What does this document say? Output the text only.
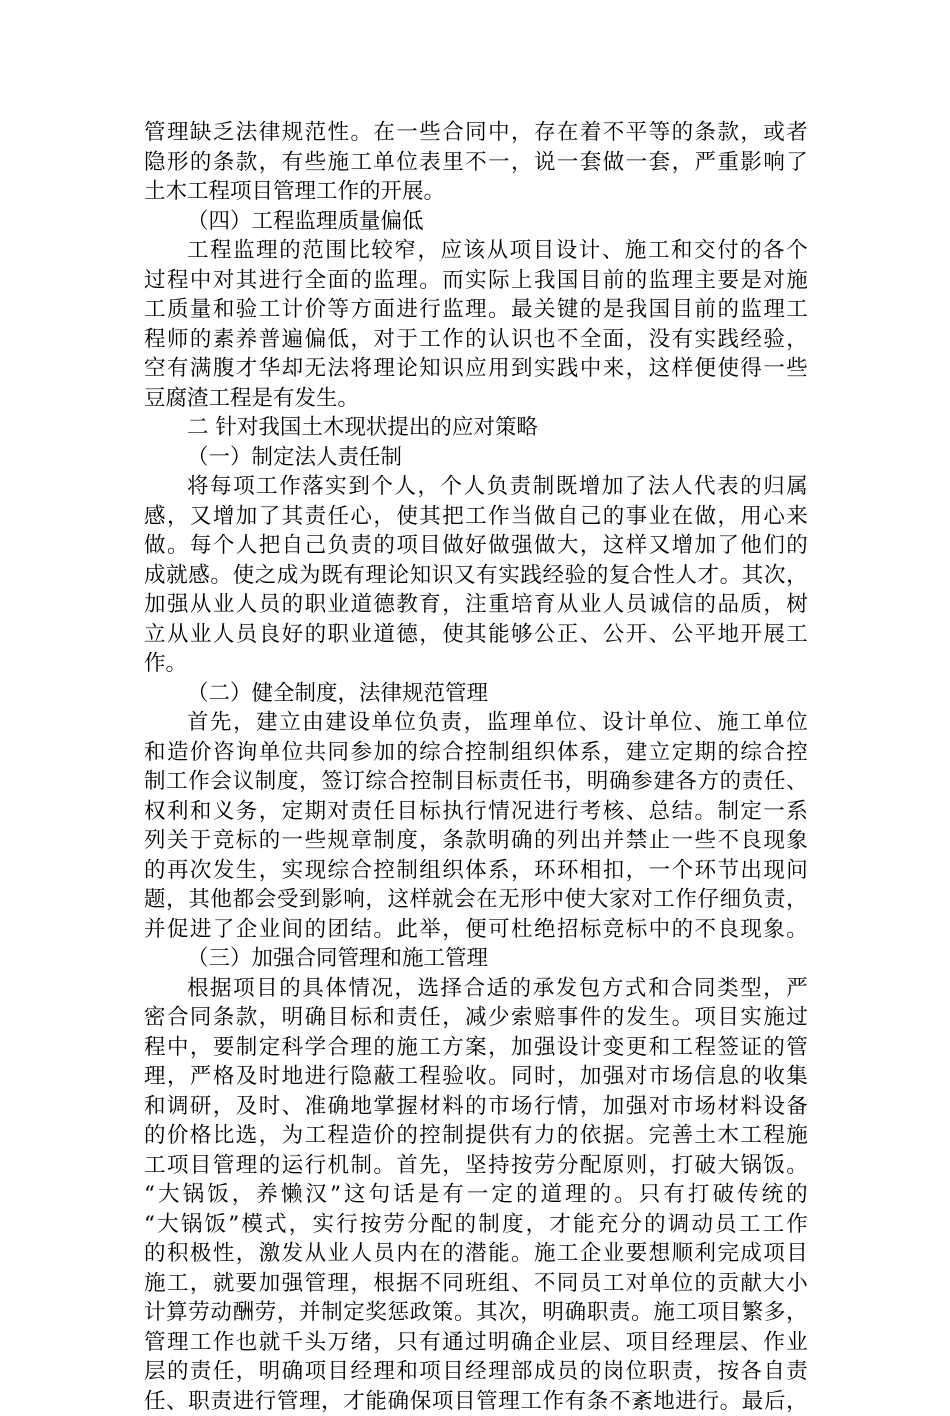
管 理 缺 乏 法 律 规 范 性 。 在 一 些 合 同 中 ， 存 在 着 不 平 等 的 条 款 ， 或 者
隐 形 的 条 款 ， 有 些 施 工 单 位 表 里 不 一 ， 说 一 套 做 一 套 ， 严 重 影 响 了
土木工程项目管理工作的开展。
（四）工程监理质量偏低
工 程 监 理 的 范 围 比 较 窄 ， 应 该 从 项 目 设 计 、 施 工 和 交 付 的 各 个
过 程 中 对 其 进 行 全 面 的 监 理 。 而 实 际 上 我 国 目 前 的 监 理 主 要 是 对 施
工 质 量 和 验 工 计 价 等 方 面 进 行 监 理 。 最 关 键 的 是 我 国 目 前 的 监 理 工
程 师 的 素 养 普 遍 偏 低 ， 对 于 工 作 的 认 识 也 不 全 面 ， 没 有 实 践 经 验 ，
空 有 满 腹 才 华 却 无 法 将 理 论 知 识 应 用 到 实 践 中 来 ， 这 样 便 使 得 一 些
豆腐渣工程是有发生。
二 针对我国土木现状提出的应对策略
（一）制定法人责任制
将 每 项 工 作 落 实 到 个 人 ， 个 人 负 责 制 既 增 加 了 法 人 代 表 的 归 属
感 ， 又 增 加 了 其 责 任 心 ， 使 其 把 工 作 当 做 自 己 的 事 业 在 做 ， 用 心 来
做 。 每 个 人 把 自 己 负 责 的 项 目 做 好 做 强 做 大 ， 这 样 又 增 加 了 他 们 的
成 就 感 。 使 之 成 为 既 有 理 论 知 识 又 有 实 践 经 验 的 复 合 性 人 才 。 其 次 ，
加 强 从 业 人 员 的 职 业 道 德 教 育 ， 注 重 培 育 从 业 人 员 诚 信 的 品 质 ， 树
立 从 业 人 员 良 好 的 职 业 道 德 ， 使 其 能 够 公 正 、 公 开 、 公 平 地 开 展 工
作。
（二）健全制度，法律规范管理
首 先 ， 建 立 由 建 设 单 位 负 责 ， 监 理 单 位 、 设 计 单 位 、 施 工 单 位
和 造 价 咨 询 单 位 共 同 参 加 的 综 合 控 制 组 织 体 系 ， 建 立 定 期 的 综 合 控
制 工 作 会 议 制 度 ， 签 订 综 合 控 制 目 标 责 任 书 ， 明 确 参 建 各 方 的 责 任 、
权 利 和 义 务 ， 定 期 对 责 任 目 标 执 行 情 况 进 行 考 核 、 总 结 。 制 定 一 系
列 关 于 竞 标 的 一 些 规 章 制 度 ， 条 款 明 确 的 列 出 并 禁 止 一 些 不 良 现 象
的 再 次 发 生 ， 实 现 综 合 控 制 组 织 体 系 ， 环 环 相 扣 ， 一 个 环 节 出 现 问
题 ， 其 他 都 会 受 到 影 响 ， 这 样 就 会 在 无 形 中 使 大 家 对 工 作 仔 细 负 责 ，
并 促 进 了 企 业 间 的 团 结 。 此 举 ， 便 可 杜 绝 招 标 竞 标 中 的 不 良 现 象 。
（三）加强合同管理和施工管理
根 据 项 目 的 具 体 情 况 ， 选 择 合 适 的 承 发 包 方 式 和 合 同 类 型 ， 严
密 合 同 条 款 ， 明 确 目 标 和 责 任 ， 减 少 索 赔 事 件 的 发 生 。 项 目 实 施 过
程 中 ， 要 制 定 科 学 合 理 的 施 工 方 案 ， 加 强 设 计 变 更 和 工 程 签 证 的 管
理 ， 严 格 及 时 地 进 行 隐 蔽 工 程 验 收 。 同 时 ， 加 强 对 市 场 信 息 的 收 集
和 调 研 ， 及 时 、 准 确 地 掌 握 材 料 的 市 场 行 情 ， 加 强 对 市 场 材 料 设 备
的 价 格 比 选 ， 为 工 程 造 价 的 控 制 提 供 有 力 的 依 据 。 完 善 土 木 工 程 施
工 项 目 管 理 的 运 行 机 制 。 首 先 ， 坚 持 按 劳 分 配 原 则 ， 打 破 大 锅 饭 。
“ 大 锅 饭 ， 养 懒 汉 ” 这 句 话 是 有 一 定 的 道 理 的 。 只 有 打 破 传 统 的
“ 大 锅 饭 ” 模 式 ， 实 行 按 劳 分 配 的 制 度 ， 才 能 充 分 的 调 动 员 工 工 作
的 积 极 性 ， 激 发 从 业 人 员 内 在 的 潜 能 。 施 工 企 业 要 想 顺 利 完 成 项 目
施 工 ， 就 要 加 强 管 理 ， 根 据 不 同 班 组 、 不 同 员 工 对 单 位 的 贡 献 大 小
计 算 劳 动 酬 劳 ， 并 制 定 奖 惩 政 策 。 其 次 ， 明 确 职 责 。 施 工 项 目 繁 多 ，
管 理 工 作 也 就 千 头 万 绪 ， 只 有 通 过 明 确 企 业 层 、 项 目 经 理 层 、 作 业
层 的 责 任 ， 明 确 项 目 经 理 和 项 目 经 理 部 成 员 的 岗 位 职 责 ， 按 各 自 责
任 、 职 责 进 行 管 理 ， 才 能 确 保 项 目 管 理 工 作 有 条 不 紊 地 进 行 。 最 后 ，
